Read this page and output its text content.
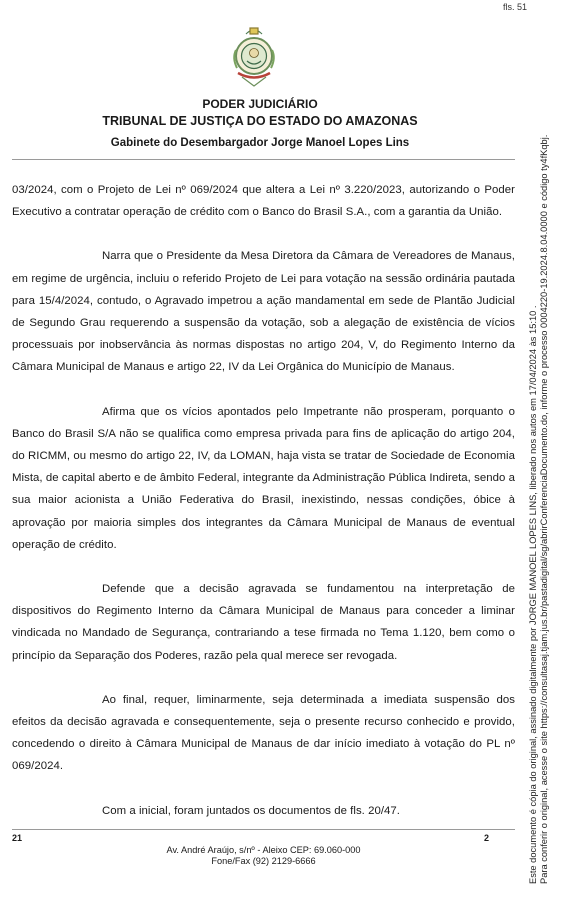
fls. 51
PODER JUDICIÁRIO
TRIBUNAL DE JUSTIÇA DO ESTADO DO AMAZONAS
Gabinete do Desembargador Jorge Manoel Lopes Lins

03/2024, com o Projeto de Lei nº 069/2024 que altera a Lei nº 3.220/2023, autorizando o Poder Executivo a contratar operação de crédito com o Banco do Brasil S.A., com a garantia da União.

Narra que o Presidente da Mesa Diretora da Câmara de Vereadores de Manaus, em regime de urgência, incluiu o referido Projeto de Lei para votação na sessão ordinária pautada para 15/4/2024, contudo, o Agravado impetrou a ação mandamental em sede de Plantão Judicial de Segundo Grau requerendo a suspensão da votação, sob a alegação de existência de vícios processuais por inobservância às normas dispostas no artigo 204, V, do Regimento Interno da Câmara Municipal de Manaus e artigo 22, IV da Lei Orgânica do Município de Manaus.

Afirma que os vícios apontados pelo Impetrante não prosperam, porquanto o Banco do Brasil S/A não se qualifica como empresa privada para fins de aplicação do artigo 204, do RICMM, ou mesmo do artigo 22, IV, da LOMAN, haja vista se tratar de Sociedade de Economia Mista, de capital aberto e de âmbito Federal, integrante da Administração Pública Indireta, sendo a sua maior acionista a União Federativa do Brasil, inexistindo, nessas condições, óbice à aprovação por maioria simples dos integrantes da Câmara Municipal de Manaus de eventual operação de crédito.

Defende que a decisão agravada se fundamentou na interpretação de dispositivos do Regimento Interno da Câmara Municipal de Manaus para conceder a liminar vindicada no Mandado de Segurança, contrariando a tese firmada no Tema 1.120, bem como o princípio da Separação dos Poderes, razão pela qual merece ser revogada.

Ao final, requer, liminarmente, seja determinada a imediata suspensão dos efeitos da decisão agravada e consequentemente, seja o presente recurso conhecido e provido, concedendo o direito à Câmara Municipal de Manaus de dar início imediato à votação do PL nº 069/2024.

Com a inicial, foram juntados os documentos de fls. 20/47.

21	2
Av. André Araújo, s/nº - Aleixo CEP: 69.060-000
Fone/Fax (92) 2129-6666	Este documento é cópia do original, assinado digitalmente por JORGE MANOEL LOPES LINS, liberado nos autos em 17/04/2024 às 15:10 . Para conferir o original, acesse o site https://consultasaj.tjam.jus.br/pastadigital/sg/abrirConferenciaDocumento.do, informe o processo 0004220-19.2024.8.04.0000 e código ty4fKqbj.
